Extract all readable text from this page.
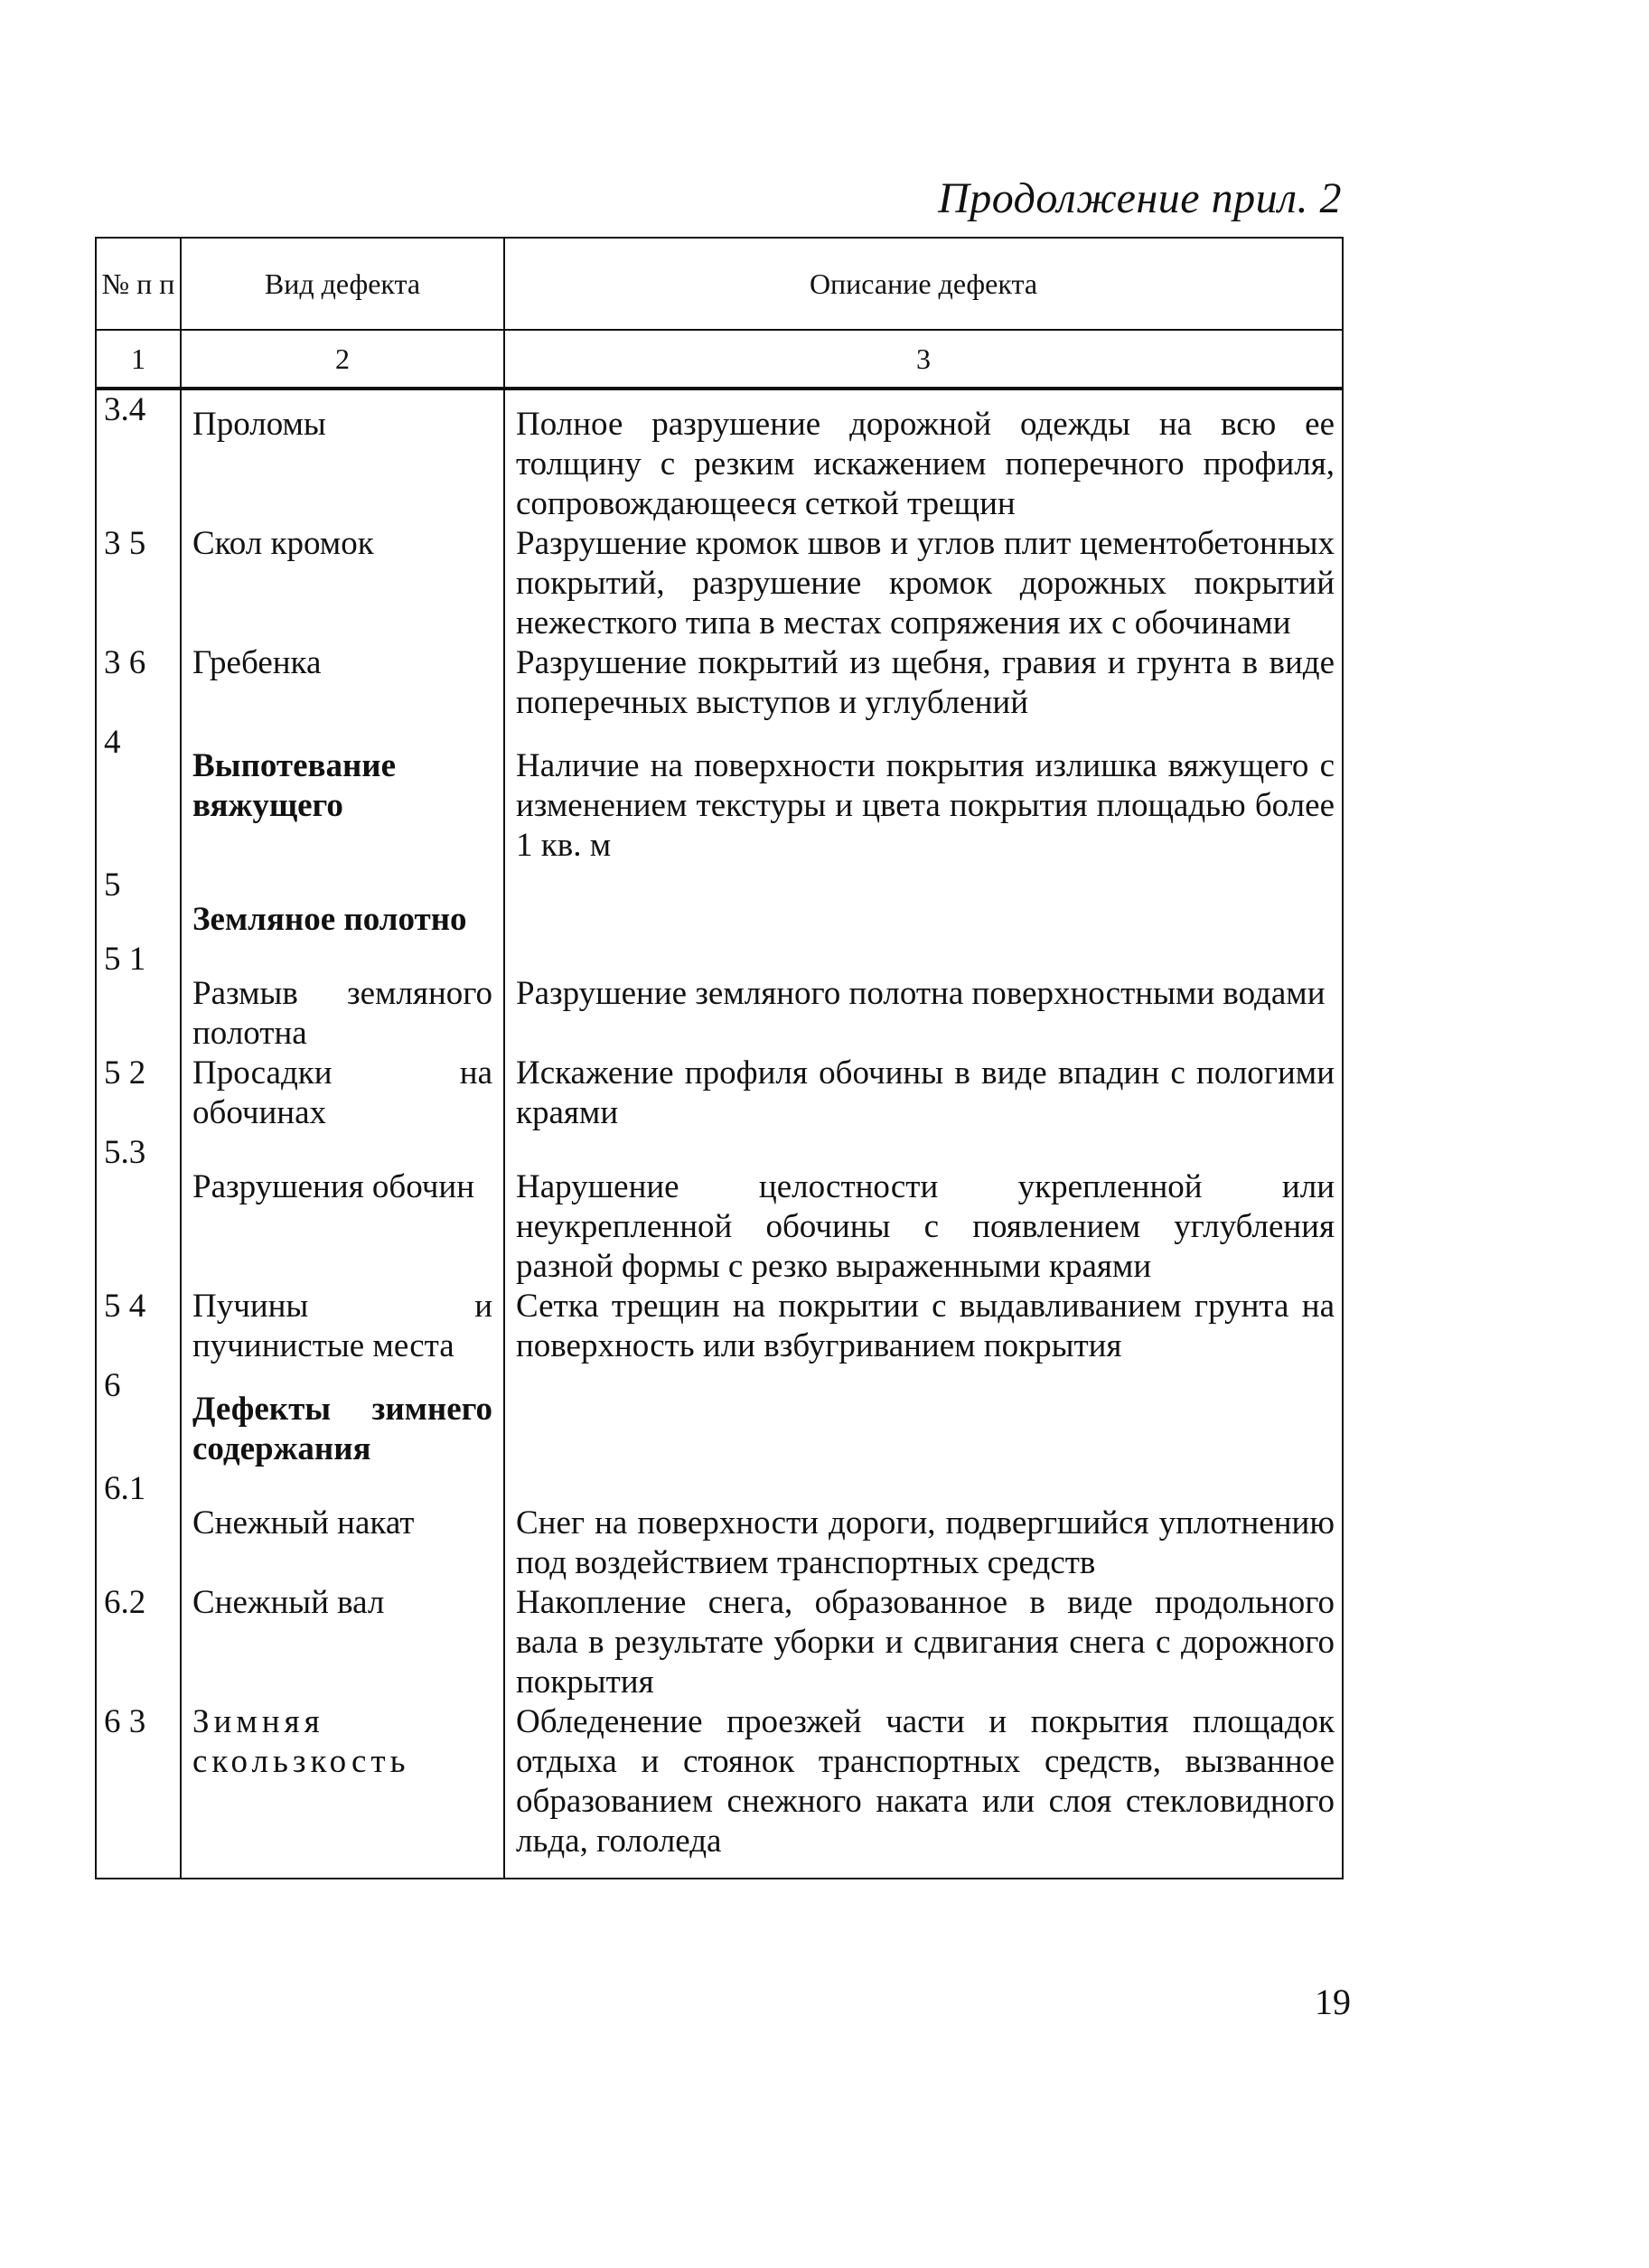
Продолжение прил. 2
№ п п	Вид дефекта	Описание дефекта
1	2	3
3.4	Проломы	Полное разрушение дорожной одежды на всю ее толщину с резким искажением поперечного профиля, сопровождающееся сеткой трещин
3 5	Скол кромок	Разрушение кромок швов и углов плит цементобетонных покрытий, разрушение кромок дорожных покрытий нежесткого типа в местах сопряжения их с обочинами
3 6	Гребенка	Разрушение покрытий из щебня, гравия и грунта в виде поперечных выступов и углублений
4	Выпотевание вяжущего	Наличие на поверхности покрытия излишка вяжущего с изменением текстуры и цвета покрытия площадью более 1 кв. м
5	Земляное полотно	
5 1	Размыв земляного полотна	Разрушение земляного полотна поверхностными водами
5 2	Просадки на обочинах	Искажение профиля обочины в виде впадин с пологими краями
5.3	Разрушения обочин	Нарушение целостности укрепленной или неукрепленной обочины с появлением углубления разной формы с резко выраженными краями
5 4	Пучины и пучинистые места	Сетка трещин на покрытии с выдавливанием грунта на поверхность или взбугриванием покрытия
6	Дефекты зимнего содержания	
6.1	Снежный накат	Снег на поверхности дороги, подвергшийся уплотнению под воздействием транспортных средств
6.2	Снежный вал	Накопление снега, образованное в виде продольного вала в результате уборки и сдвигания снега с дорожного покрытия
6 3	Зимняя скользкость	Обледенение проезжей части и покрытия площадок отдыха и стоянок транспортных средств, вызванное образованием снежного наката или слоя стекловидного льда, гололеда
19
